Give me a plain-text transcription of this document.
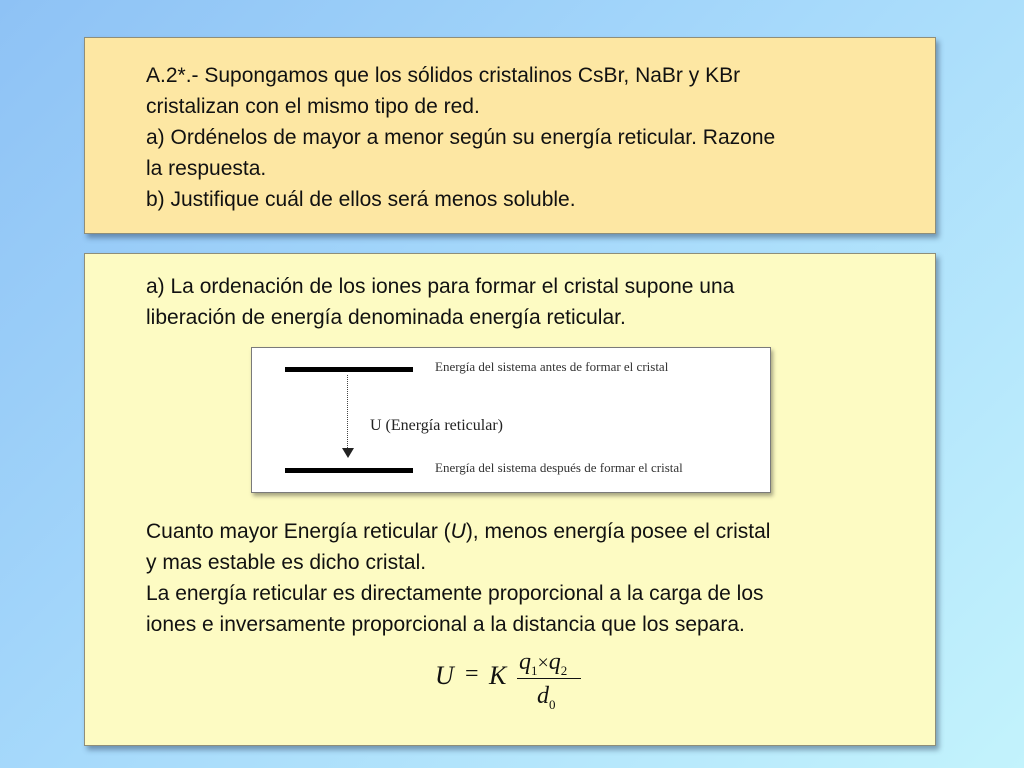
A.2*.- Supongamos que los sólidos cristalinos CsBr, NaBr y KBr
cristalizan con el mismo tipo de red.
a) Ordénelos de mayor a menor según su energía reticular. Razone
la respuesta.
b) Justifique cuál de ellos será menos soluble.
a) La ordenación de los iones para formar el cristal supone una
liberación de energía denominada energía reticular.
Energía del sistema antes de formar el cristal
U (Energía reticular)
Energía del sistema después de formar el cristal
Cuanto mayor Energía reticular (U), menos energía posee el cristal
y mas estable es dicho cristal.
La energía reticular es directamente proporcional a la carga de los
iones e inversamente proporcional a la distancia que los separa.
U = K $q_1\times q_2$
$d_0$
